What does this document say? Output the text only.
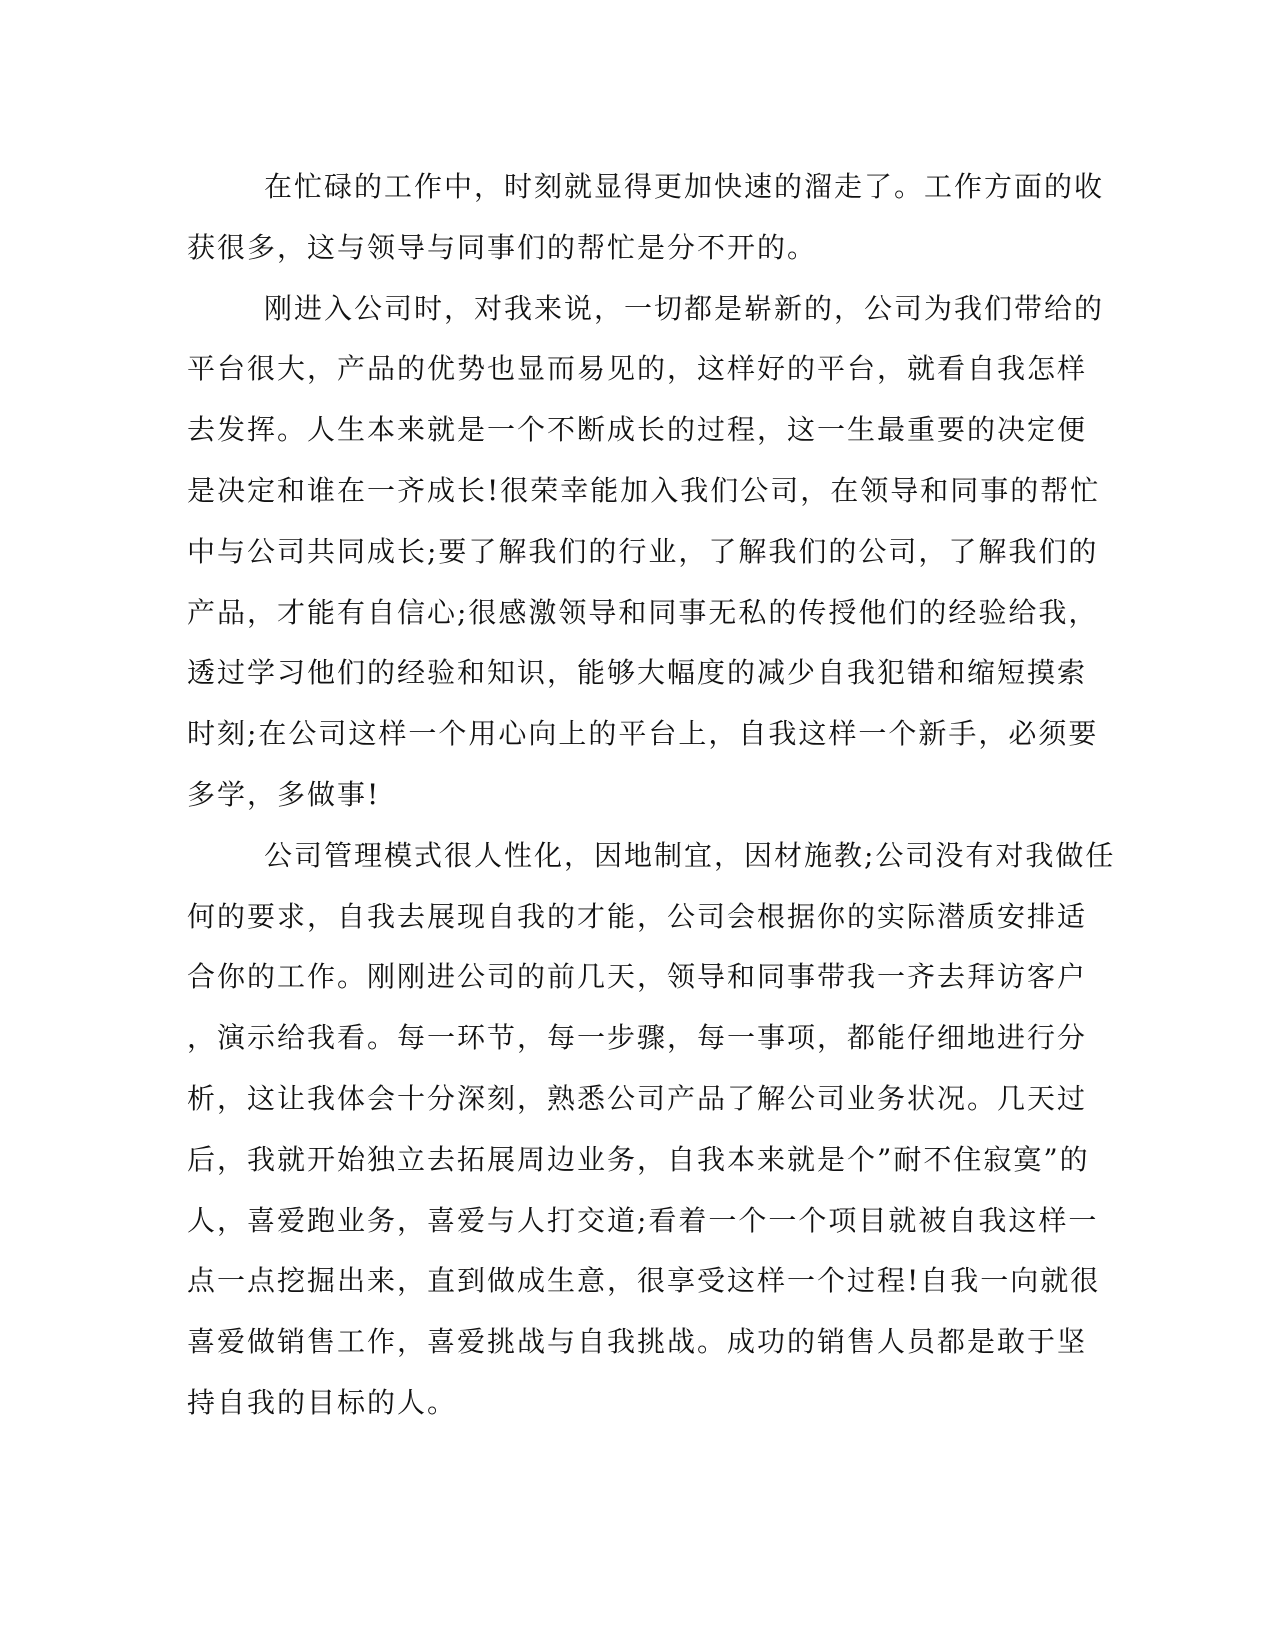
在忙碌的工作中，时刻就显得更加快速的溜走了。工作方面的收
获很多，这与领导与同事们的帮忙是分不开的。
刚进入公司时，对我来说，一切都是崭新的，公司为我们带给的
平台很大，产品的优势也显而易见的，这样好的平台，就看自我怎样
去发挥。人生本来就是一个不断成长的过程，这一生最重要的决定便
是决定和谁在一齐成长!很荣幸能加入我们公司，在领导和同事的帮忙
中与公司共同成长;要了解我们的行业，了解我们的公司，了解我们的
产品，才能有自信心;很感激领导和同事无私的传授他们的经验给我，
透过学习他们的经验和知识，能够大幅度的减少自我犯错和缩短摸索
时刻;在公司这样一个用心向上的平台上，自我这样一个新手，必须要
多学，多做事!
公司管理模式很人性化，因地制宜，因材施教;公司没有对我做任
何的要求，自我去展现自我的才能，公司会根据你的实际潜质安排适
合你的工作。刚刚进公司的前几天，领导和同事带我一齐去拜访客户
，演示给我看。每一环节，每一步骤，每一事项，都能仔细地进行分
析，这让我体会十分深刻，熟悉公司产品了解公司业务状况。几天过
后，我就开始独立去拓展周边业务，自我本来就是个”耐不住寂寞”的
人，喜爱跑业务，喜爱与人打交道;看着一个一个项目就被自我这样一
点一点挖掘出来，直到做成生意，很享受这样一个过程!自我一向就很
喜爱做销售工作，喜爱挑战与自我挑战。成功的销售人员都是敢于坚
持自我的目标的人。
